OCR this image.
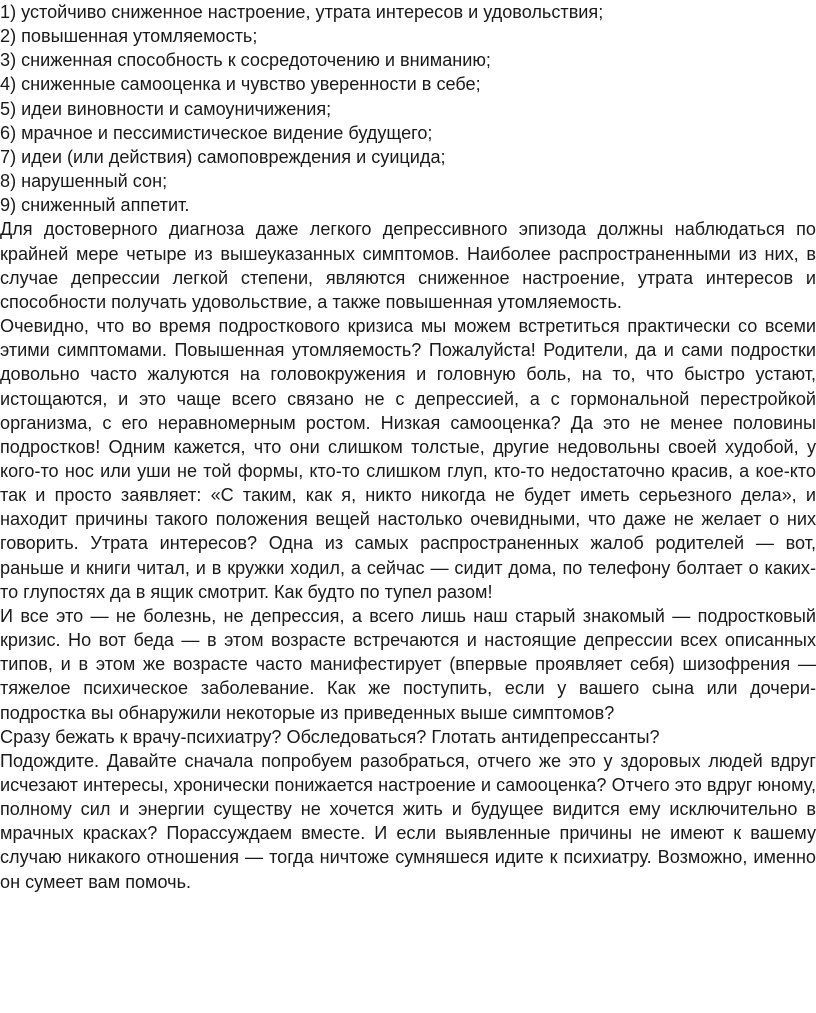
1) устойчиво сниженное настроение, утрата интересов и удовольствия;
2) повышенная утомляемость;
3) сниженная способность к сосредоточению и вниманию;
4) сниженные самооценка и чувство уверенности в себе;
5) идеи виновности и самоуничижения;
6) мрачное и пессимистическое видение будущего;
7) идеи (или действия) самоповреждения и суицида;
8) нарушенный сон;
9) сниженный аппетит.

Для достоверного диагноза даже легкого депрессивного эпизода должны наблюдаться по крайней мере четыре из вышеуказанных симптомов. Наиболее распространенными из них, в случае депрессии легкой степени, являются сниженное настроение, утрата интересов и способности получать удовольствие, а также повышенная утомляемость.

Очевидно, что во время подросткового кризиса мы можем встретиться практически со всеми этими симптомами. Повышенная утомляемость? Пожалуйста! Родители, да и сами подростки довольно часто жалуются на головокружения и головную боль, на то, что быстро устают, истощаются, и это чаще всего связано не с депрессией, а с гормональной перестройкой организма, с его неравномерным ростом. Низкая самооценка? Да это не менее половины подростков! Одним кажется, что они слишком толстые, другие недовольны своей худобой, у кого-то нос или уши не той формы, кто-то слишком глуп, кто-то недостаточно красив, а кое-кто так и просто заявляет: «С таким, как я, никто никогда не будет иметь серьезного дела», и находит причины такого положения вещей настолько очевидными, что даже не желает о них говорить. Утрата интересов? Одна из самых распространенных жалоб родителей — вот, раньше и книги читал, и в кружки ходил, а сейчас — сидит дома, по телефону болтает о каких-то глупостях да в ящик смотрит. Как будто по тупел разом!

И все это — не болезнь, не депрессия, а всего лишь наш старый знакомый — подростковый кризис. Но вот беда — в этом возрасте встречаются и настоящие депрессии всех описанных типов, и в этом же возрасте часто манифестирует (впервые проявляет себя) шизофрения — тяжелое психическое заболевание. Как же поступить, если у вашего сына или дочери-подростка вы обнаружили некоторые из приведенных выше симптомов?

Сразу бежать к врачу-психиатру? Обследоваться? Глотать антидепрессанты?

Подождите. Давайте сначала попробуем разобраться, отчего же это у здоровых людей вдруг исчезают интересы, хронически понижается настроение и самооценка? Отчего это вдруг юному, полному сил и энергии существу не хочется жить и будущее видится ему исключительно в мрачных красках? Порассуждаем вместе. И если выявленные причины не имеют к вашему случаю никакого отношения — тогда ничтоже сумняшеся идите к психиатру. Возможно, именно он сумеет вам помочь.
